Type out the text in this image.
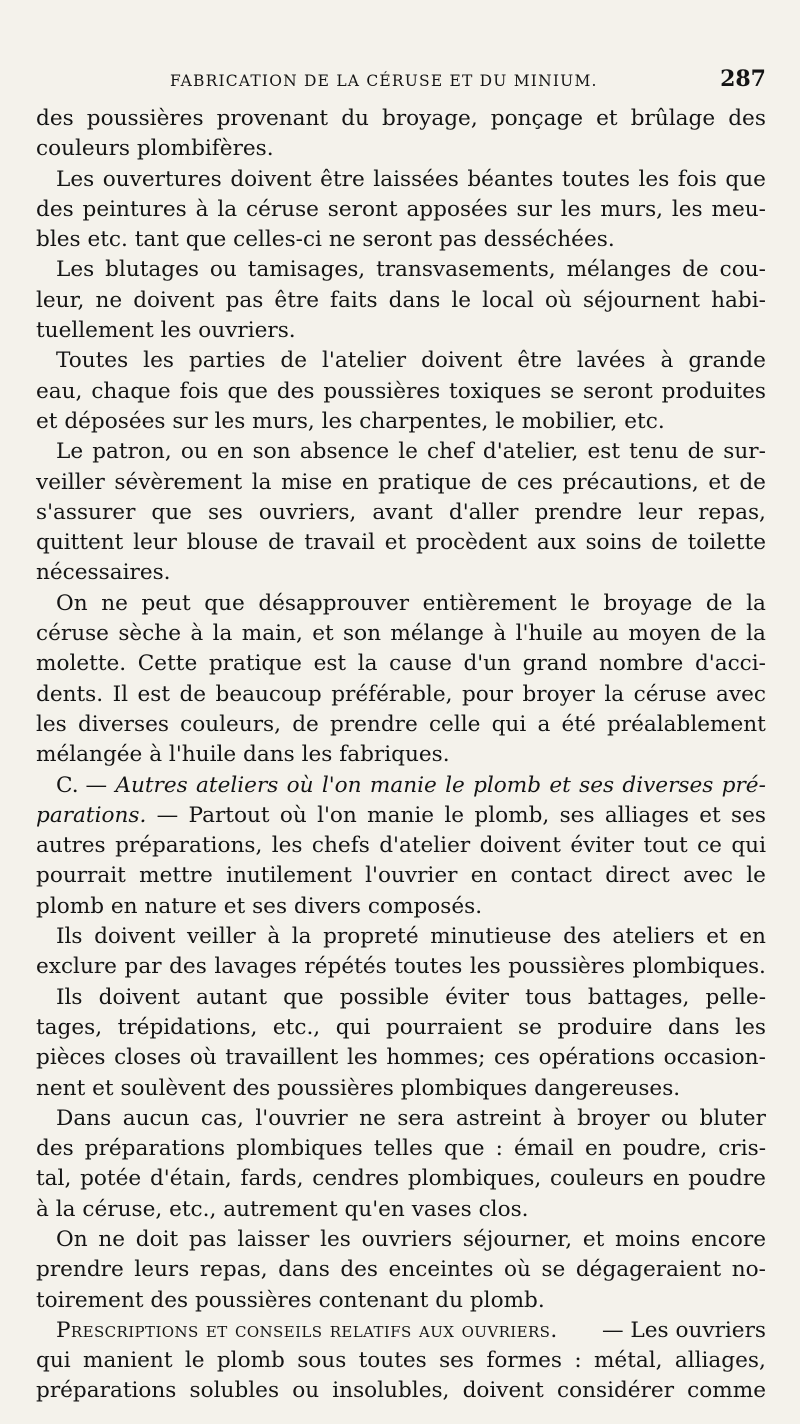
FABRICATION DE LA CÉRUSE ET DU MINIUM.	287
des poussières provenant du broyage, ponçage et brûlage des
couleurs plombifères.
Les ouvertures doivent être laissées béantes toutes les fois que
des peintures à la céruse seront apposées sur les murs, les meu-
bles etc. tant que celles-ci ne seront pas desséchées.
Les blutages ou tamisages, transvasements, mélanges de cou-
leur, ne doivent pas être faits dans le local où séjournent habi-
tuellement les ouvriers.
Toutes les parties de l'atelier doivent être lavées à grande
eau, chaque fois que des poussières toxiques se seront produites
et déposées sur les murs, les charpentes, le mobilier, etc.
Le patron, ou en son absence le chef d'atelier, est tenu de sur-
veiller sévèrement la mise en pratique de ces précautions, et de
s'assurer que ses ouvriers, avant d'aller prendre leur repas,
quittent leur blouse de travail et procèdent aux soins de toilette
nécessaires.
On ne peut que désapprouver entièrement le broyage de la
céruse sèche à la main, et son mélange à l'huile au moyen de la
molette. Cette pratique est la cause d'un grand nombre d'acci-
dents. Il est de beaucoup préférable, pour broyer la céruse avec
les diverses couleurs, de prendre celle qui a été préalablement
mélangée à l'huile dans les fabriques.
C. — Autres ateliers où l'on manie le plomb et ses diverses pré-
parations. — Partout où l'on manie le plomb, ses alliages et ses
autres préparations, les chefs d'atelier doivent éviter tout ce qui
pourrait mettre inutilement l'ouvrier en contact direct avec le
plomb en nature et ses divers composés.
Ils doivent veiller à la propreté minutieuse des ateliers et en
exclure par des lavages répétés toutes les poussières plombiques.
Ils doivent autant que possible éviter tous battages, pelle-
tages, trépidations, etc., qui pourraient se produire dans les
pièces closes où travaillent les hommes; ces opérations occasion-
nent et soulèvent des poussières plombiques dangereuses.
Dans aucun cas, l'ouvrier ne sera astreint à broyer ou bluter
des préparations plombiques telles que : émail en poudre, cris-
tal, potée d'étain, fards, cendres plombiques, couleurs en poudre
à la céruse, etc., autrement qu'en vases clos.
On ne doit pas laisser les ouvriers séjourner, et moins encore
prendre leurs repas, dans des enceintes où se dégageraient no-
toirement des poussières contenant du plomb.
Prescriptions et conseils relatifs aux ouvriers. — Les ouvriers
qui manient le plomb sous toutes ses formes : métal, alliages,
préparations solubles ou insolubles, doivent considérer comme
